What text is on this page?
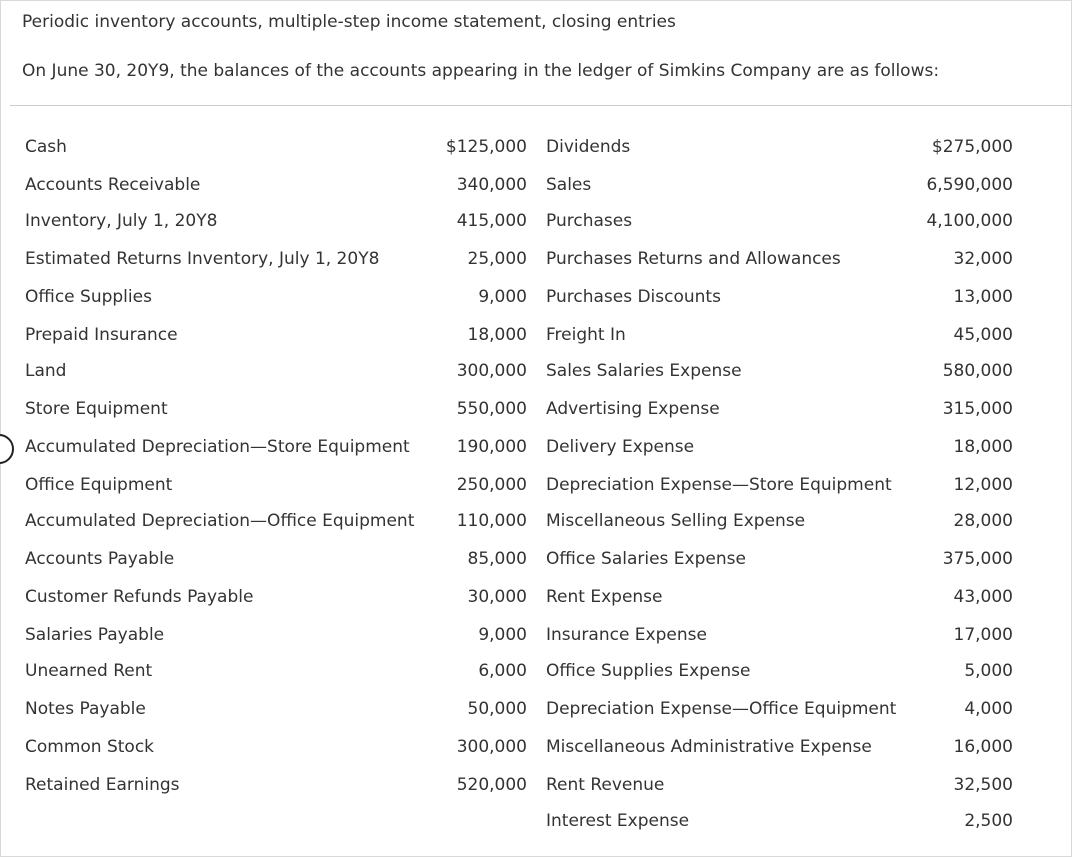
Periodic inventory accounts, multiple-step income statement, closing entries
On June 30, 20Y9, the balances of the accounts appearing in the ledger of Simkins Company are as follows:
Cash	$125,000
Accounts Receivable	340,000
Inventory, July 1, 20Y8	415,000
Estimated Returns Inventory, July 1, 20Y8	25,000
Office Supplies	9,000
Prepaid Insurance	18,000
Land	300,000
Store Equipment	550,000
Accumulated Depreciation—Store Equipment	190,000
Office Equipment	250,000
Accumulated Depreciation—Office Equipment 110,000
Accounts Payable	85,000
Customer Refunds Payable	30,000
Salaries Payable	9,000
Unearned Rent	6,000
Notes Payable	50,000
Common Stock	300,000
Retained Earnings	520,000
Dividends	$275,000
Sales	6,590,000
Purchases	4,100,000
Purchases Returns and Allowances	32,000
Purchases Discounts	13,000
Freight In	45,000
Sales Salaries Expense	580,000
Advertising Expense	315,000
Delivery Expense	18,000
Depreciation Expense—Store Equipment	12,000
Miscellaneous Selling Expense	28,000
Office Salaries Expense	375,000
Rent Expense	43,000
Insurance Expense	17,000
Office Supplies Expense	5,000
Depreciation Expense—Office Equipment	4,000
Miscellaneous Administrative Expense	16,000
Rent Revenue	32,500
Interest Expense	2,500
